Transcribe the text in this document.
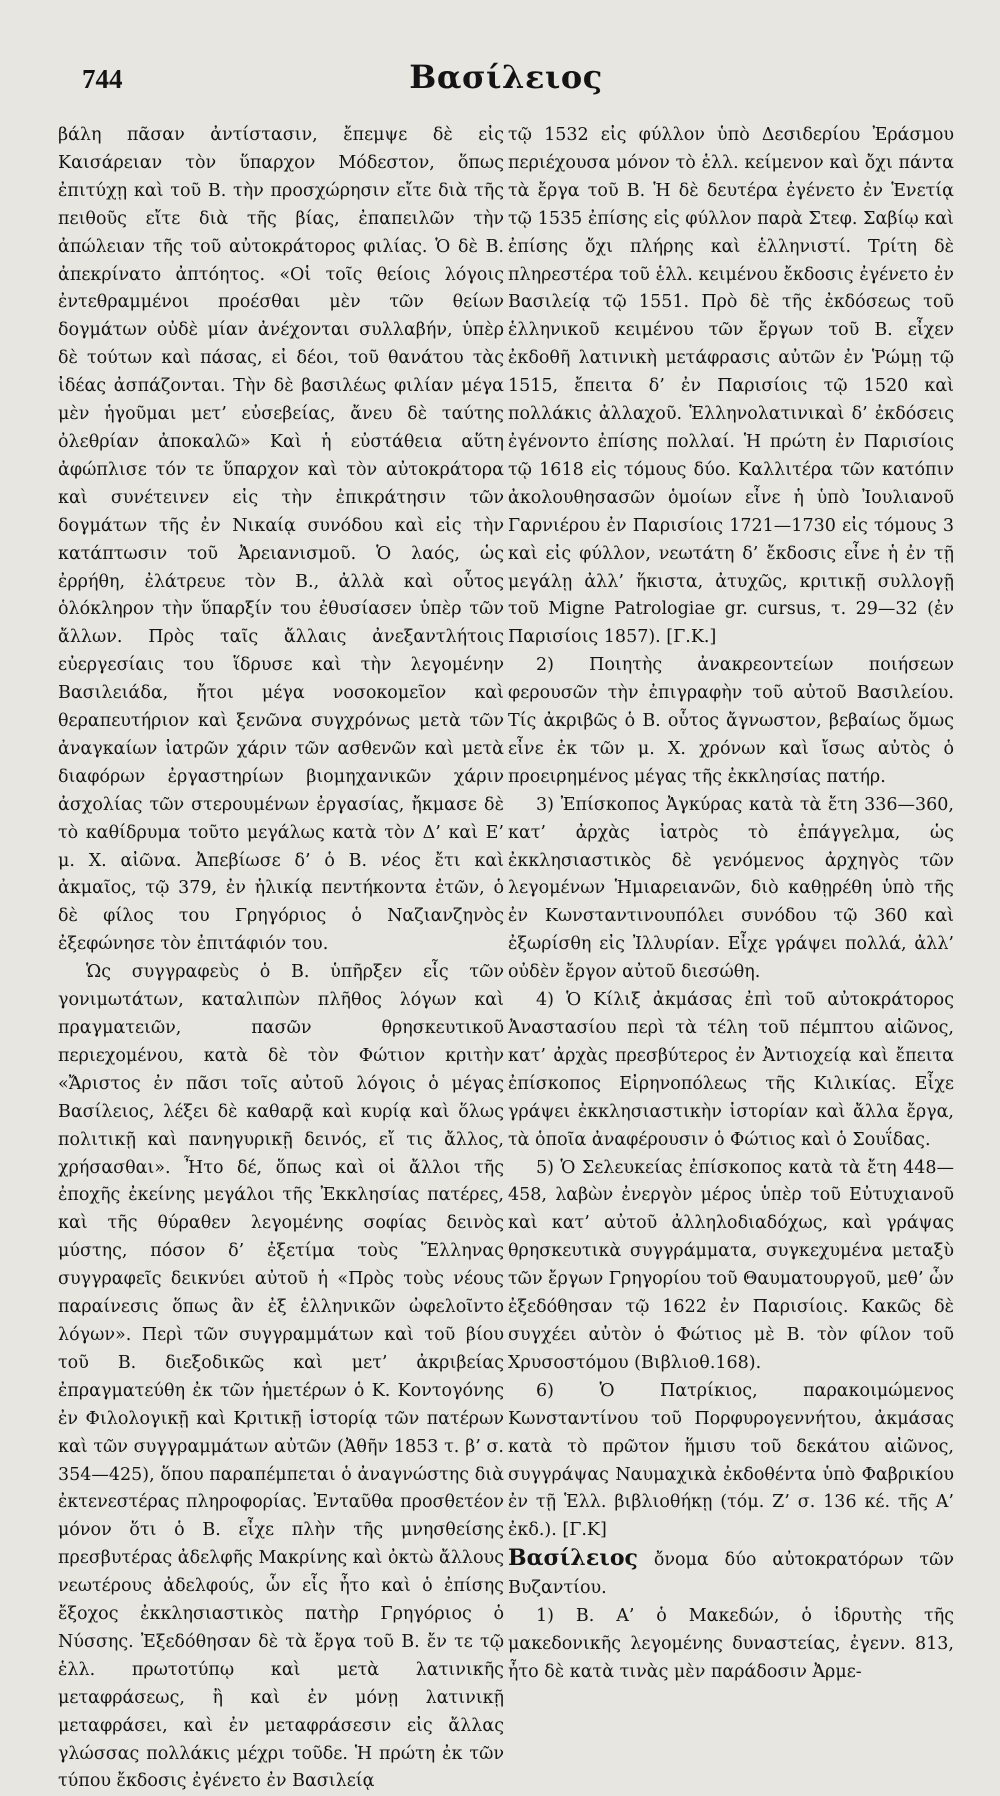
744	Βασίλειος

βάλη πᾶσαν ἀντίστασιν, ἔπεμψε δὲ εἰς Καισάρειαν τὸν ὕπαρχον Μόδεστον, ὅπως ἐπιτύχῃ καὶ τοῦ Β. τὴν προσχώρησιν εἴτε διὰ τῆς πειθοῦς εἴτε διὰ τῆς βίας, ἐπαπειλῶν τὴν ἀπώλειαν τῆς τοῦ αὐτοκράτορος φιλίας. Ὁ δὲ Β. ἀπεκρίνατο ἀπτόητος. «Οἱ τοῖς θείοις λόγοις ἐντεθραμμένοι προέσθαι μὲν τῶν θείων δογμάτων οὐδὲ μίαν ἀνέχονται συλλαβήν, ὑπὲρ δὲ τούτων καὶ πάσας, εἰ δέοι, τοῦ θανάτου τὰς ἰδέας ἀσπάζονται. Τὴν δὲ βασιλέως φιλίαν μέγα μὲν ἡγοῦμαι μετ’ εὐσεβείας, ἄνευ δὲ ταύτης ὀλεθρίαν ἀποκαλῶ» Καὶ ἡ εὐστάθεια αὕτη ἀφώπλισε τόν τε ὕπαρχον καὶ τὸν αὐτοκράτορα καὶ συνέτεινεν εἰς τὴν ἐπικράτησιν τῶν δογμάτων τῆς ἐν Νικαίᾳ συνόδου καὶ εἰς τὴν κατάπτωσιν τοῦ Ἀρειανισμοῦ. Ὁ λαός, ὡς ἐρρήθη, ἐλάτρευε τὸν Β., ἀλλὰ καὶ οὗτος ὁλόκληρον τὴν ὕπαρξίν του ἐθυσίασεν ὑπὲρ τῶν ἄλλων. Πρὸς ταῖς ἄλλαις ἀνεξαντλήτοις εὐεργεσίαις του ἵδρυσε καὶ τὴν λεγομένην Βασιλειάδα, ἤτοι μέγα νοσοκομεῖον καὶ θεραπευτήριον καὶ ξενῶνα συγχρόνως μετὰ τῶν ἀναγκαίων ἰατρῶν χάριν τῶν ασθενῶν καὶ μετὰ διαφόρων ἐργαστηρίων βιομηχανικῶν χάριν ἀσχολίας τῶν στερουμένων ἐργασίας, ἤκμασε δὲ τὸ καθίδρυμα τοῦτο μεγάλως κατὰ τὸν Δ’ καὶ Ε’ μ. Χ. αἰῶνα. Ἀπεβίωσε δ’ ὁ Β. νέος ἔτι καὶ ἀκμαῖος, τῷ 379, ἐν ἡλικίᾳ πεντήκοντα ἐτῶν, ὁ δὲ φίλος του Γρηγόριος ὁ Ναζιανζηνὸς ἐξεφώνησε τὸν ἐπιτάφιόν του.

Ὡς συγγραφεὺς ὁ Β. ὑπῆρξεν εἷς τῶν γονιμωτάτων, καταλιπὼν πλῆθος λόγων καὶ πραγματειῶν, πασῶν θρησκευτικοῦ περιεχομένου, κατὰ δὲ τὸν Φώτιον κριτὴν «Ἄριστος ἐν πᾶσι τοῖς αὐτοῦ λόγοις ὁ μέγας Βασίλειος, λέξει δὲ καθαρᾷ καὶ κυρίᾳ καὶ ὅλως πολιτικῇ καὶ πανηγυρικῇ δεινός, εἴ τις ἄλλος, χρήσασθαι». Ἦτο δέ, ὅπως καὶ οἱ ἄλλοι τῆς ἐποχῆς ἐκείνης μεγάλοι τῆς Ἐκκλησίας πατέρες, καὶ τῆς θύραθεν λεγομένης σοφίας δεινὸς μύστης, πόσον δ’ ἐξετίμα τοὺς Ἕλληνας συγγραφεῖς δεικνύει αὐτοῦ ἡ «Πρὸς τοὺς νέους παραίνεσις ὅπως ἂν ἐξ ἑλληνικῶν ὠφελοῖντο λόγων». Περὶ τῶν συγγραμμάτων καὶ τοῦ βίου τοῦ Β. διεξοδικῶς καὶ μετ’ ἀκριβείας ἐπραγματεύθη ἐκ τῶν ἡμετέρων ὁ Κ. Κοντογόνης ἐν Φιλολογικῇ καὶ Κριτικῇ ἱστορίᾳ τῶν πατέρων καὶ τῶν συγγραμμάτων αὐτῶν (Ἀθῆν 1853 τ. β’ σ. 354—425), ὅπου παραπέμπεται ὁ ἀναγνώστης διὰ ἐκτενεστέρας πληροφορίας. Ἐνταῦθα προσθετέον μόνον ὅτι ὁ Β. εἶχε πλὴν τῆς μνησθείσης πρεσβυτέρας ἀδελφῆς Μακρίνης καὶ ὀκτὼ ἄλλους νεωτέρους ἀδελφούς, ὧν εἷς ἦτο καὶ ὁ ἐπίσης ἔξοχος ἐκκλησιαστικὸς πατὴρ Γρηγόριος ὁ Νύσσης. Ἐξεδόθησαν δὲ τὰ ἔργα τοῦ Β. ἔν τε τῷ ἑλλ. πρωτοτύπῳ καὶ μετὰ λατινικῆς μεταφράσεως, ἢ καὶ ἐν μόνῃ λατινικῇ μεταφράσει, καὶ ἐν μεταφράσεσιν εἰς ἄλλας γλώσσας πολλάκις μέχρι τοῦδε. Ἡ πρώτη ἐκ τῶν τύπου ἔκδοσις ἐγένετο ἐν Βασιλείᾳ

τῷ 1532 εἰς φύλλον ὑπὸ Δεσιδερίου Ἐράσμου περιέχουσα μόνον τὸ ἑλλ. κείμενον καὶ ὄχι πάντα τὰ ἔργα τοῦ Β. Ἡ δὲ δευτέρα ἐγένετο ἐν Ἑνετίᾳ τῷ 1535 ἐπίσης εἰς φύλλον παρὰ Στεφ. Σαβίῳ καὶ ἐπίσης ὄχι πλήρης καὶ ἑλληνιστί. Τρίτη δὲ πληρεστέρα τοῦ ἑλλ. κειμένου ἔκδοσις ἐγένετο ἐν Βασιλείᾳ τῷ 1551. Πρὸ δὲ τῆς ἐκδόσεως τοῦ ἑλληνικοῦ κειμένου τῶν ἔργων τοῦ Β. εἶχεν ἐκδοθῆ λατινικὴ μετάφρασις αὐτῶν ἐν Ῥώμῃ τῷ 1515, ἔπειτα δ’ ἐν Παρισίοις τῷ 1520 καὶ πολλάκις ἀλλαχοῦ. Ἑλληνολατινικαὶ δ’ ἐκδόσεις ἐγένοντο ἐπίσης πολλαί. Ἡ πρώτη ἐν Παρισίοις τῷ 1618 εἰς τόμους δύο. Καλλιτέρα τῶν κατόπιν ἀκολουθησασῶν ὁμοίων εἶνε ἡ ὑπὸ Ἰουλιανοῦ Γαρνιέρου ἐν Παρισίοις 1721—1730 εἰς τόμους 3 καὶ εἰς φύλλον, νεωτάτη δ’ ἔκδοσις εἶνε ἡ ἐν τῇ μεγάλῃ ἀλλ’ ἥκιστα, ἀτυχῶς, κριτικῇ συλλογῇ τοῦ Migne Patrologiae gr. cursus, τ. 29—32 (ἐν Παρισίοις 1857). [Γ.Κ.]

2) Ποιητὴς ἀνακρεοντείων ποιήσεων φερουσῶν τὴν ἐπιγραφὴν τοῦ αὐτοῦ Βασιλείου. Τίς ἀκριβῶς ὁ Β. οὗτος ἄγνωστον, βεβαίως ὅμως εἶνε ἐκ τῶν μ. Χ. χρόνων καὶ ἴσως αὐτὸς ὁ προειρημένος μέγας τῆς ἐκκλησίας πατήρ.

3) Ἐπίσκοπος Ἀγκύρας κατὰ τὰ ἔτη 336—360, κατ’ ἀρχὰς ἰατρὸς τὸ ἐπάγγελμα, ὡς ἐκκλησιαστικὸς δὲ γενόμενος ἀρχηγὸς τῶν λεγομένων Ἡμιαρειανῶν, διὸ καθῃρέθη ὑπὸ τῆς ἐν Κωνσταντινουπόλει συνόδου τῷ 360 καὶ ἐξωρίσθη εἰς Ἰλλυρίαν. Εἶχε γράψει πολλά, ἀλλ’ οὐδὲν ἔργον αὐτοῦ διεσώθη.

4) Ὁ Κίλιξ ἀκμάσας ἐπὶ τοῦ αὐτοκράτορος Ἀναστασίου περὶ τὰ τέλη τοῦ πέμπτου αἰῶνος, κατ’ ἀρχὰς πρεσβύτερος ἐν Ἀντιοχείᾳ καὶ ἔπειτα ἐπίσκοπος Εἰρηνοπόλεως τῆς Κιλικίας. Εἶχε γράψει ἐκκλησιαστικὴν ἱστορίαν καὶ ἄλλα ἔργα, τὰ ὁποῖα ἀναφέρουσιν ὁ Φώτιος καὶ ὁ Σουΐδας.

5) Ὁ Σελευκείας ἐπίσκοπος κατὰ τὰ ἔτη 448—458, λαβὼν ἐνεργὸν μέρος ὑπὲρ τοῦ Εὐτυχιανοῦ καὶ κατ’ αὐτοῦ ἀλληλοδιαδόχως, καὶ γράψας θρησκευτικὰ συγγράμματα, συγκεχυμένα μεταξὺ τῶν ἔργων Γρηγορίου τοῦ Θαυματουργοῦ, μεθ’ ὧν ἐξεδόθησαν τῷ 1622 ἐν Παρισίοις. Κακῶς δὲ συγχέει αὐτὸν ὁ Φώτιος μὲ Β. τὸν φίλον τοῦ Χρυσοστόμου (Βιβλιοθ.168).

6) Ὁ Πατρίκιος, παρακοιμώμενος Κωνσταντίνου τοῦ Πορφυρογεννήτου, ἀκμάσας κατὰ τὸ πρῶτον ἥμισυ τοῦ δεκάτου αἰῶνος, συγγράψας Ναυμαχικὰ ἐκδοθέντα ὑπὸ Φαβρικίου ἐν τῇ Ἑλλ. βιβλιοθήκῃ (τόμ. Ζ’ σ. 136 κέ. τῆς Α’ ἐκδ.). [Γ.Κ]

Βασίλειος ὄνομα δύο αὐτοκρατόρων τῶν Βυζαντίου.

1) Β. Α’ ὁ Μακεδών, ὁ ἱδρυτὴς τῆς μακεδονικῆς λεγομένης δυναστείας, ἐγενν. 813, ἦτο δὲ κατὰ τινὰς μὲν παράδοσιν Ἀρμε-
